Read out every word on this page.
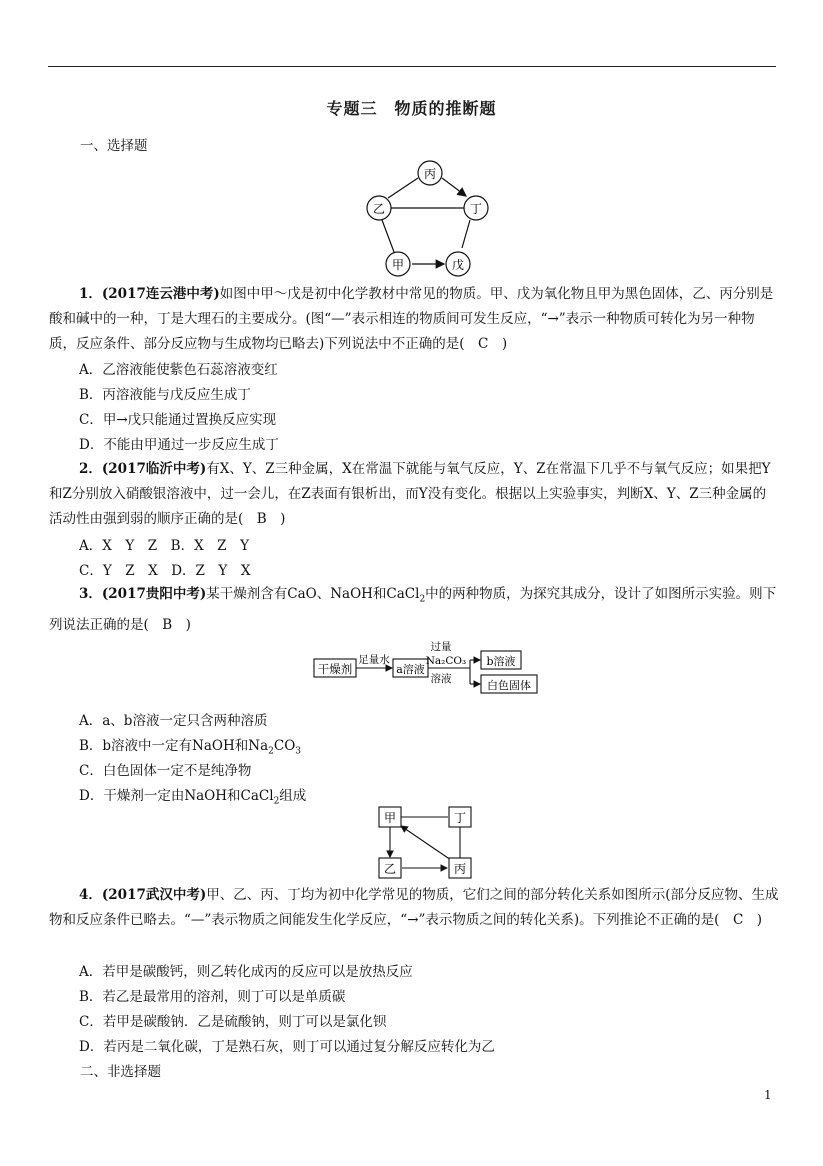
专题三　物质的推断题
一、选择题
丙
乙	丁
甲	戊
1．(2017连云港中考)如图中甲～戊是初中化学教材中常见的物质。甲、戊为氧化物且甲为黑色固体，乙、丙分别是酸和碱中的一种，丁是大理石的主要成分。(图“—”表示相连的物质间可发生反应，“→”表示一种物质可转化为另一种物质，反应条件、部分反应物与生成物均已略去)下列说法中不正确的是(　C　)
A．乙溶液能使紫色石蕊溶液变红
B．丙溶液能与戊反应生成丁
C．甲→戊只能通过置换反应实现
D．不能由甲通过一步反应生成丁
2．(2017临沂中考)有X、Y、Z三种金属，X在常温下就能与氧气反应，Y、Z在常温下几乎不与氧气反应；如果把Y和Z分别放入硝酸银溶液中，过一会儿，在Z表面有银析出，而Y没有变化。根据以上实验事实，判断X、Y、Z三种金属的活动性由强到弱的顺序正确的是(　B　)
A．X　Y　Z　B．X　Z　Y
C．Y　Z　X　D．Z　Y　X
3．(2017贵阳中考)某干燥剂含有CaO、NaOH和CaCl$_2$中的两种物质，为探究其成分，设计了如图所示实验。则下列说法正确的是(　B　)
干燥剂
足量水
a溶液
过量
Na₂CO₃
溶液
b溶液
白色固体
A．a、b溶液一定只含两种溶质
B．b溶液中一定有NaOH和$Na_2CO_3$
C．白色固体一定不是纯净物
D．干燥剂一定由NaOH和CaCl$_2$组成
甲	丁
乙	丙
4．(2017武汉中考)甲、乙、丙、丁均为初中化学常见的物质，它们之间的部分转化关系如图所示(部分反应物、生成物和反应条件已略去。“—”表示物质之间能发生化学反应，“→”表示物质之间的转化关系)。下列推论不正确的是(　C　)
A．若甲是碳酸钙，则乙转化成丙的反应可以是放热反应
B．若乙是最常用的溶剂，则丁可以是单质碳
C．若甲是碳酸钠．乙是硫酸钠，则丁可以是氯化钡
D．若丙是二氧化碳，丁是熟石灰，则丁可以通过复分解反应转化为乙
二、非选择题
1
